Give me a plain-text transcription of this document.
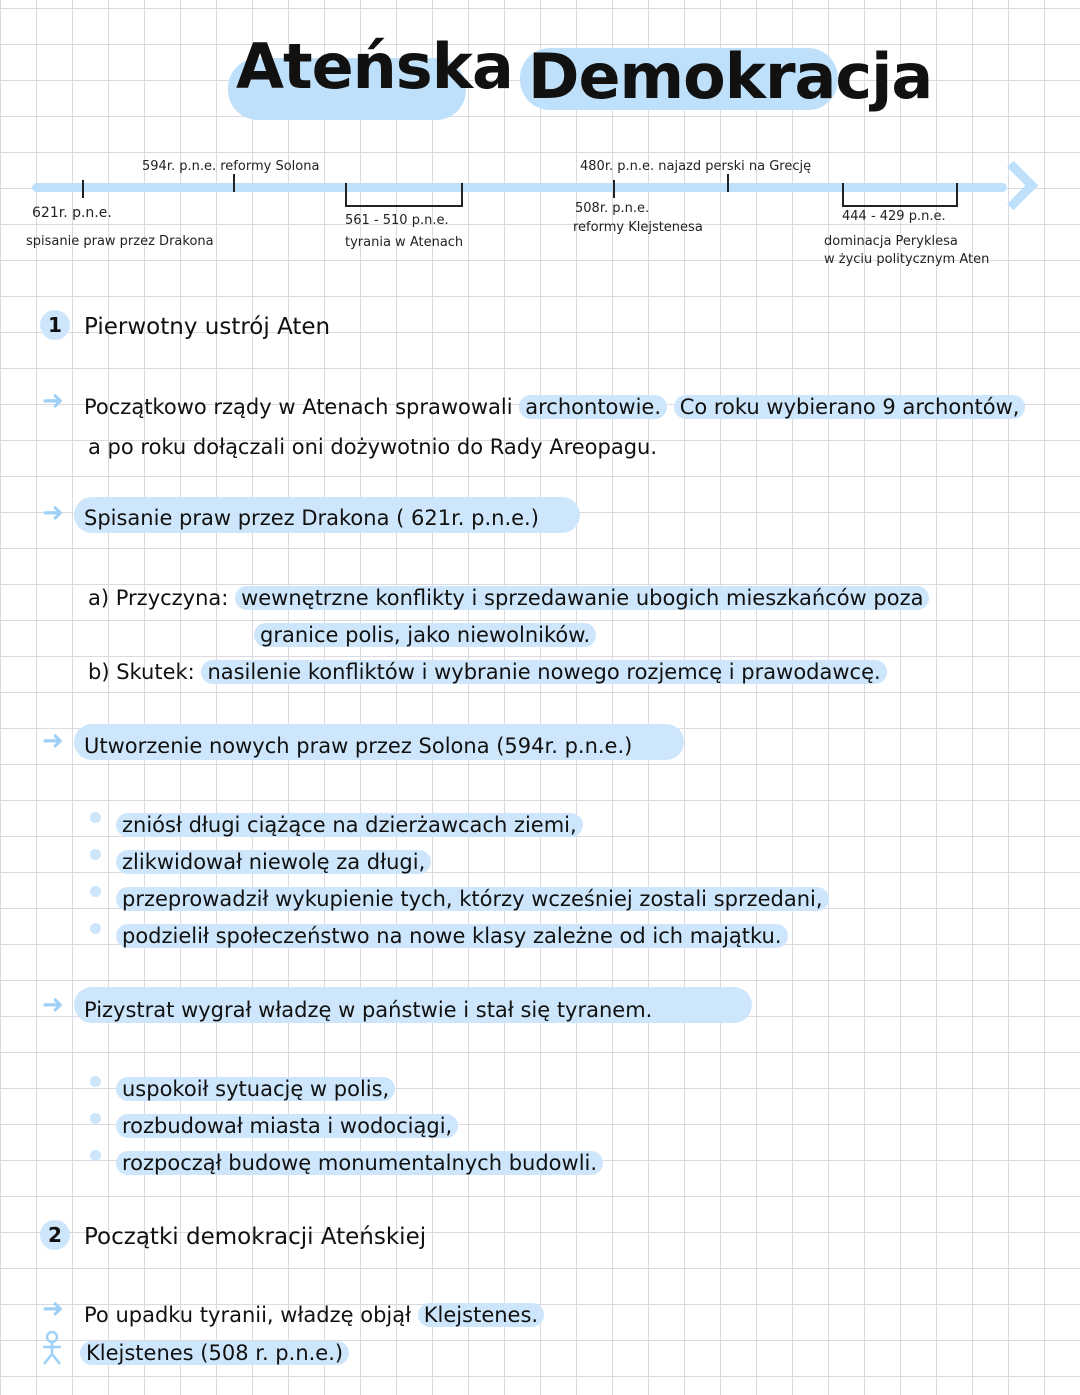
Ateńska Demokracja
594r. p.n.e. reformy Solona	480r. p.n.e. najazd perski na Grecję
621r. p.n.e.
spisanie praw przez Drakona
561 - 510 p.n.e.
tyrania w Atenach
508r. p.n.e.
reformy Klejstenesa
444 - 429 p.n.e.
dominacja Peryklesa
w życiu politycznym Aten
1 Pierwotny ustrój Aten
➜ Początkowo rządy w Atenach sprawowali archontowie. Co roku wybierano 9 archontów,
a po roku dołączali oni dożywotnio do Rady Areopagu.
➜ Spisanie praw przez Drakona ( 621r. p.n.e.)
a) Przyczyna: wewnętrzne konflikty i sprzedawanie ubogich mieszkańców poza
granice polis, jako niewolników.
b) Skutek: nasilenie konfliktów i wybranie nowego rozjemcę i prawodawcę.
➜ Utworzenie nowych praw przez Solona (594r. p.n.e.)
zniósł długi ciążące na dzierżawcach ziemi,
zlikwidował niewolę za długi,
przeprowadził wykupienie tych, którzy wcześniej zostali sprzedani,
podzielił społeczeństwo na nowe klasy zależne od ich majątku.
➜ Pizystrat wygrał władzę w państwie i stał się tyranem.
uspokoił sytuację w polis,
rozbudował miasta i wodociągi,
rozpoczął budowę monumentalnych budowli.
2 Początki demokracji Ateńskiej
➜ Po upadku tyranii, władzę objął Klejstenes.
Klejstenes (508 r. p.n.e.)
